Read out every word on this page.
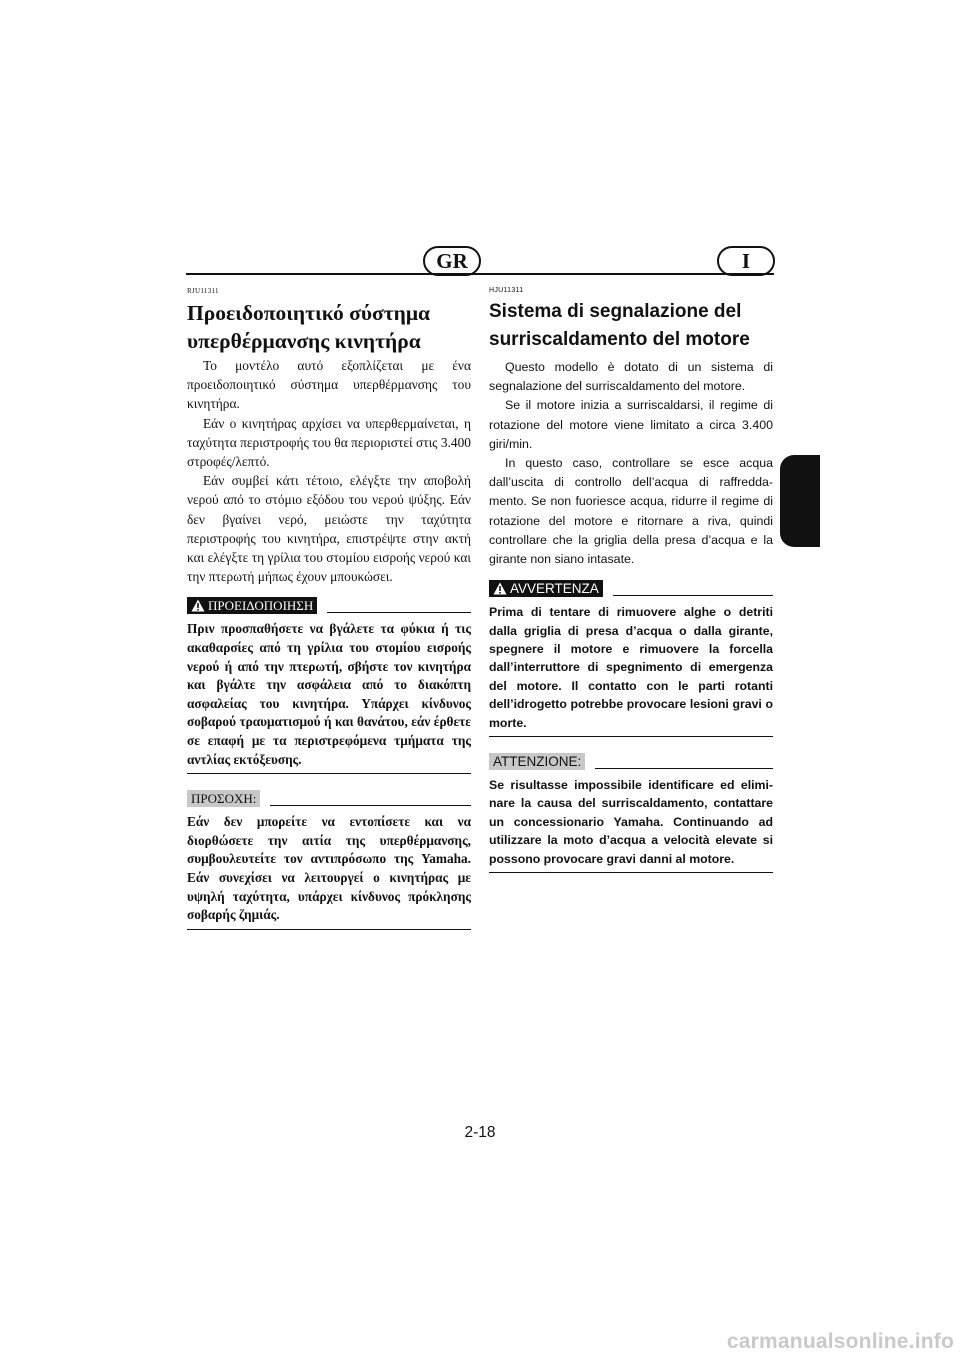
GR	I
RJU11311
Προειδοποιητικό σύστημα
υπερθέρμανσης κινητήρα

Το μοντέλο αυτό εξοπλίζεται με ένα προειδοποιητικό σύστημα υπερθέρμανσης του κινητήρα.

Εάν ο κινητήρας αρχίσει να υπερθερμαίνεται, η ταχύτητα περιστροφής του θα περιοριστεί στις 3.400 στροφές/λεπτό.

Εάν συμβεί κάτι τέτοιο, ελέγξτε την αποβολή νερού από το στόμιο εξόδου του νερού ψύξης. Εάν δεν βγαίνει νερό, μειώστε την ταχύτητα περιστροφής του κινητήρα, επιστρέψτε στην ακτή και ελέγξτε τη γρίλια του στομίου εισροής νερού και την πτερωτή μήπως έχουν μπουκώσει.

ΠΡΟΕΙΔΟΠΟΙΗΣΗ

Πριν προσπαθήσετε να βγάλετε τα φύκια ή τις ακαθαρσίες από τη γρίλια του στομίου εισροής νερού ή από την πτερωτή, σβήστε τον κινητήρα και βγάλτε την ασφάλεια από το διακόπτη ασφαλείας του κινητήρα. Υπάρχει κίνδυνος σοβαρού τραυματισμού ή και θανάτου, εάν έρθετε σε επαφή με τα περιστρεφόμενα τμήματα της αντλίας εκτόξευσης.

ΠΡΟΣΟΧΗ:

Εάν δεν μπορείτε να εντοπίσετε και να διορθώσετε την αιτία της υπερθέρμανσης, συμβουλευτείτε τον αντιπρόσωπο της Yamaha. Εάν συνεχίσει να λειτουργεί ο κινητήρας με υψηλή ταχύτητα, υπάρχει κίνδυνος πρόκλησης σοβαρής ζημιάς.

HJU11311
Sistema di segnalazione del
surriscaldamento del motore

Questo modello è dotato di un sistema di segnalazione del surriscaldamento del motore.

Se il motore inizia a surriscaldarsi, il regime di rotazione del motore viene limitato a circa 3.400 giri/min.

In questo caso, controllare se esce acqua dall’uscita di controllo dell’acqua di raffredda-mento. Se non fuoriesce acqua, ridurre il regime di rotazione del motore e ritornare a riva, quindi controllare che la griglia della presa d’acqua e la girante non siano intasate.

AVVERTENZA

Prima di tentare di rimuovere alghe o detriti dalla griglia di presa d’acqua o dalla girante, spegnere il motore e rimuovere la forcella dall’interruttore di spegnimento di emergenza del motore. Il contatto con le parti rotanti dell’idrogetto potrebbe provocare lesioni gravi o morte.

ATTENZIONE:

Se risultasse impossibile identificare ed elimi-nare la causa del surriscaldamento, contattare un concessionario Yamaha. Continuando ad utilizzare la moto d’acqua a velocità elevate si possono provocare gravi danni al motore.

2-18
carmanualsonline.info
